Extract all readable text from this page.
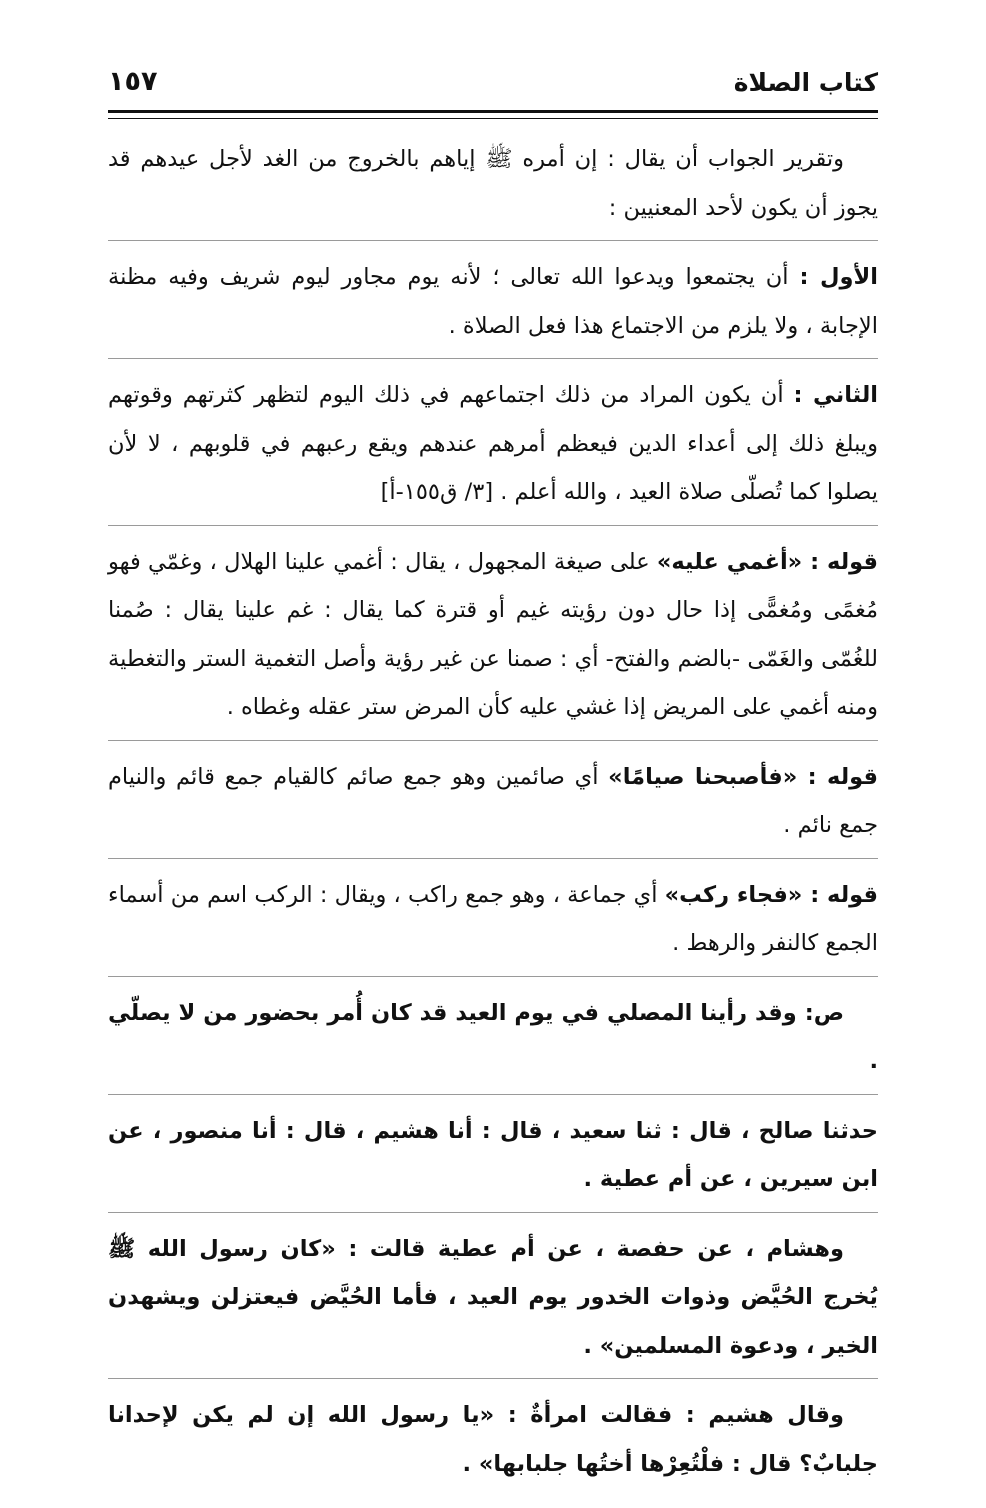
كتاب الصلاة
١٥٧

وتقرير الجواب أن يقال : إن أمره ﷺ إياهم بالخروج من الغد لأجل عيدهم قد يجوز أن يكون لأحد المعنيين :

الأول : أن يجتمعوا ويدعوا الله تعالى ؛ لأنه يوم مجاور ليوم شريف وفيه مظنة الإجابة ، ولا يلزم من الاجتماع هذا فعل الصلاة .

الثاني : أن يكون المراد من ذلك اجتماعهم في ذلك اليوم لتظهر كثرتهم وقوتهم ويبلغ ذلك إلى أعداء الدين فيعظم أمرهم عندهم ويقع رعبهم في قلوبهم ، لا لأن يصلوا كما تُصلّى صلاة العيد ، والله أعلم . [٣/ ق١٥٥-أ]

قوله : «أغمي عليه» على صيغة المجهول ، يقال : أغمي علينا الهلال ، وغمّي فهو مُغمًى ومُغمًّى إذا حال دون رؤيته غيم أو قترة كما يقال : غم علينا يقال : صُمنا للغُمّى والغَمّى -بالضم والفتح- أي : صمنا عن غير رؤية وأصل التغمية الستر والتغطية ومنه أغمي على المريض إذا غشي عليه كأن المرض ستر عقله وغطاه .

قوله : «فأصبحنا صيامًا» أي صائمين وهو جمع صائم كالقيام جمع قائم والنيام جمع نائم .

قوله : «فجاء ركب» أي جماعة ، وهو جمع راكب ، ويقال : الركب اسم من أسماء الجمع كالنفر والرهط .

ص: وقد رأينا المصلي في يوم العيد قد كان أُمر بحضور من لا يصلّي .

حدثنا صالح ، قال : ثنا سعيد ، قال : أنا هشيم ، قال : أنا منصور ، عن ابن سيرين ، عن أم عطية .

وهشام ، عن حفصة ، عن أم عطية قالت : «كان رسول الله ﷺ يُخرج الحُيَّض وذوات الخدور يوم العيد ، فأما الحُيَّض فيعتزلن ويشهدن الخير ، ودعوة المسلمين» .

وقال هشيم : فقالت امرأةٌ : «يا رسول الله إن لم يكن لإحدانا جلبابٌ؟ قال : فلْتُعِرْها أختُها جلبابها» .
